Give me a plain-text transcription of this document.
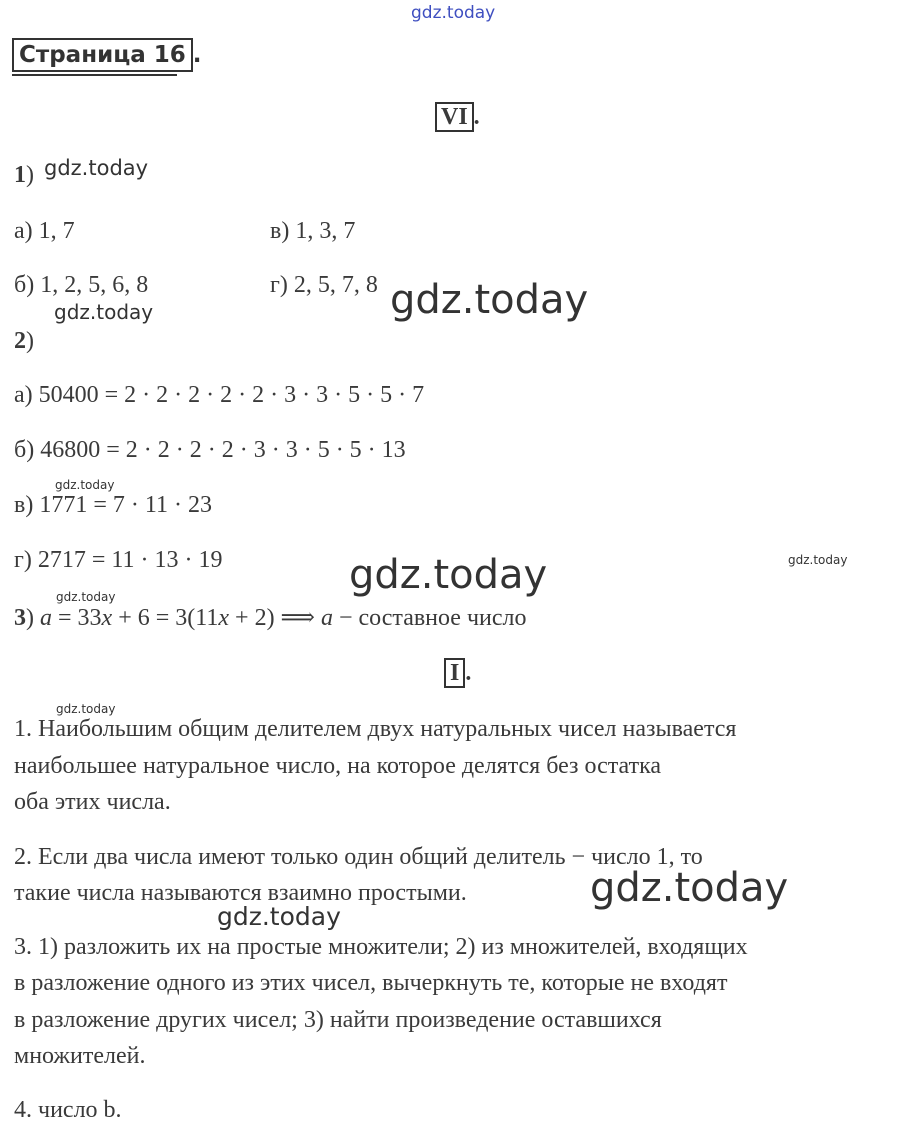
gdz.today
gdz.today
gdz.today
gdz.today
gdz.today
gdz.today
gdz.today
gdz.today
gdz.today
gdz.today
gdz.today
Страница 16 .
VI .
1)
а) 1, 7	в) 1, 3, 7
б) 1, 2, 5, 6, 8	г) 2, 5, 7, 8
2)
а) 50400 = 2 · 2 · 2 · 2 · 2 · 3 · 3 · 5 · 5 · 7
б) 46800 = 2 · 2 · 2 · 2 · 3 · 3 · 5 · 5 · 13
в) 1771 = 7 · 11 · 23
г) 2717 = 11 · 13 · 19
3) a = 33x + 6 = 3(11x + 2) ⟹ a − составное число
I .
1. Наибольшим общим делителем двух натуральных чисел называется
наибольшее натуральное число, на которое делятся без остатка
оба этих числа.
2. Если два числа имеют только один общий делитель − число 1, то
такие числа называются взаимно простыми.
3. 1) разложить их на простые множители; 2) из множителей, входящих
в разложение одного из этих чисел, вычеркнуть те, которые не входят
в разложение других чисел; 3) найти произведение оставшихся
множителей.
4. число b.
